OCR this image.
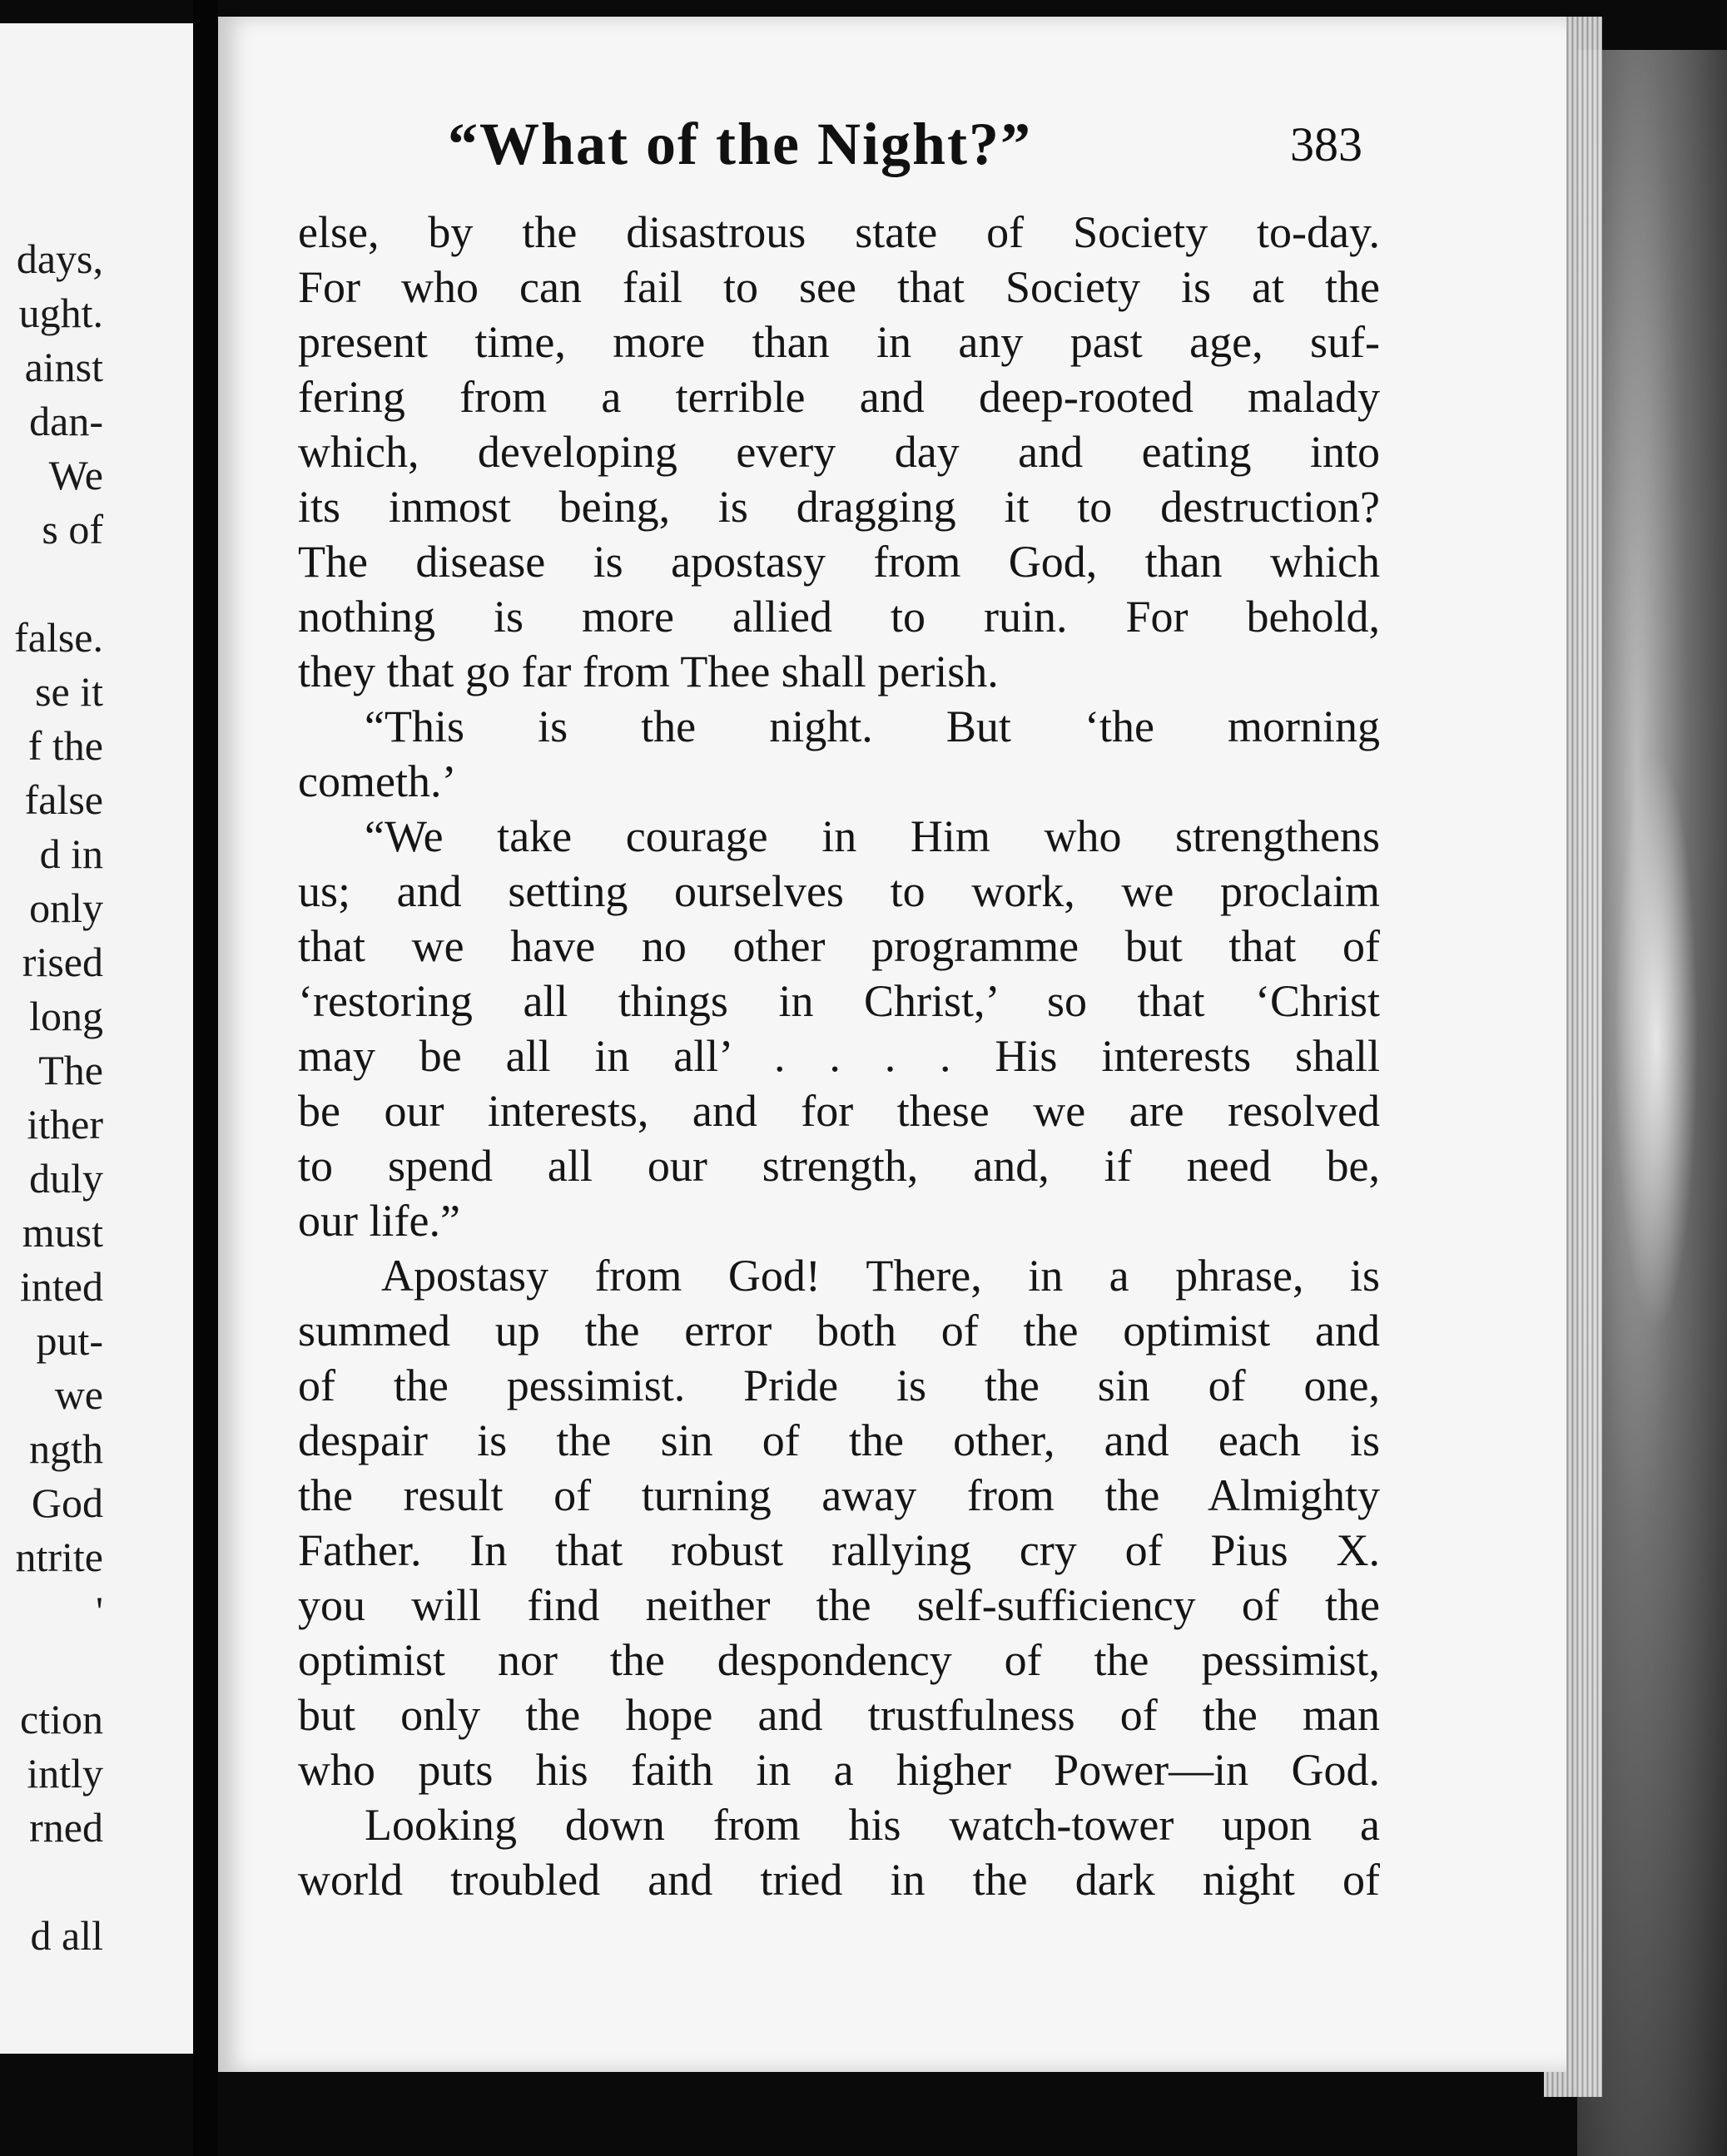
days,
ught.
ainst
dan-
We
s of
false.
se it
f the
false
d in
only
rised
long
The
ither
duly
must
inted
put-
we
ngth
God
ntrite
'
ction
intly
rned
d all
“What of the Night?”	383
else, by the disastrous state of Society to-day.
For who can fail to see that Society is at the
present time, more than in any past age, suf-
fering from a terrible and deep-rooted malady
which, developing every day and eating into
its inmost being, is dragging it to destruction?
The disease is apostasy from God, than which
nothing is more allied to ruin. For behold,
they that go far from Thee shall perish.
“This is the night. But ‘the morning
cometh.’
“We take courage in Him who strengthens
us; and setting ourselves to work, we proclaim
that we have no other programme but that of
‘restoring all things in Christ,’ so that ‘Christ
may be all in all’ . . . . His interests shall
be our interests, and for these we are resolved
to spend all our strength, and, if need be,
our life.”
Apostasy from God! There, in a phrase, is
summed up the error both of the optimist and
of the pessimist. Pride is the sin of one,
despair is the sin of the other, and each is
the result of turning away from the Almighty
Father. In that robust rallying cry of Pius X.
you will find neither the self-sufficiency of the
optimist nor the despondency of the pessimist,
but only the hope and trustfulness of the man
who puts his faith in a higher Power—in God.
Looking down from his watch-tower upon a
world troubled and tried in the dark night of
